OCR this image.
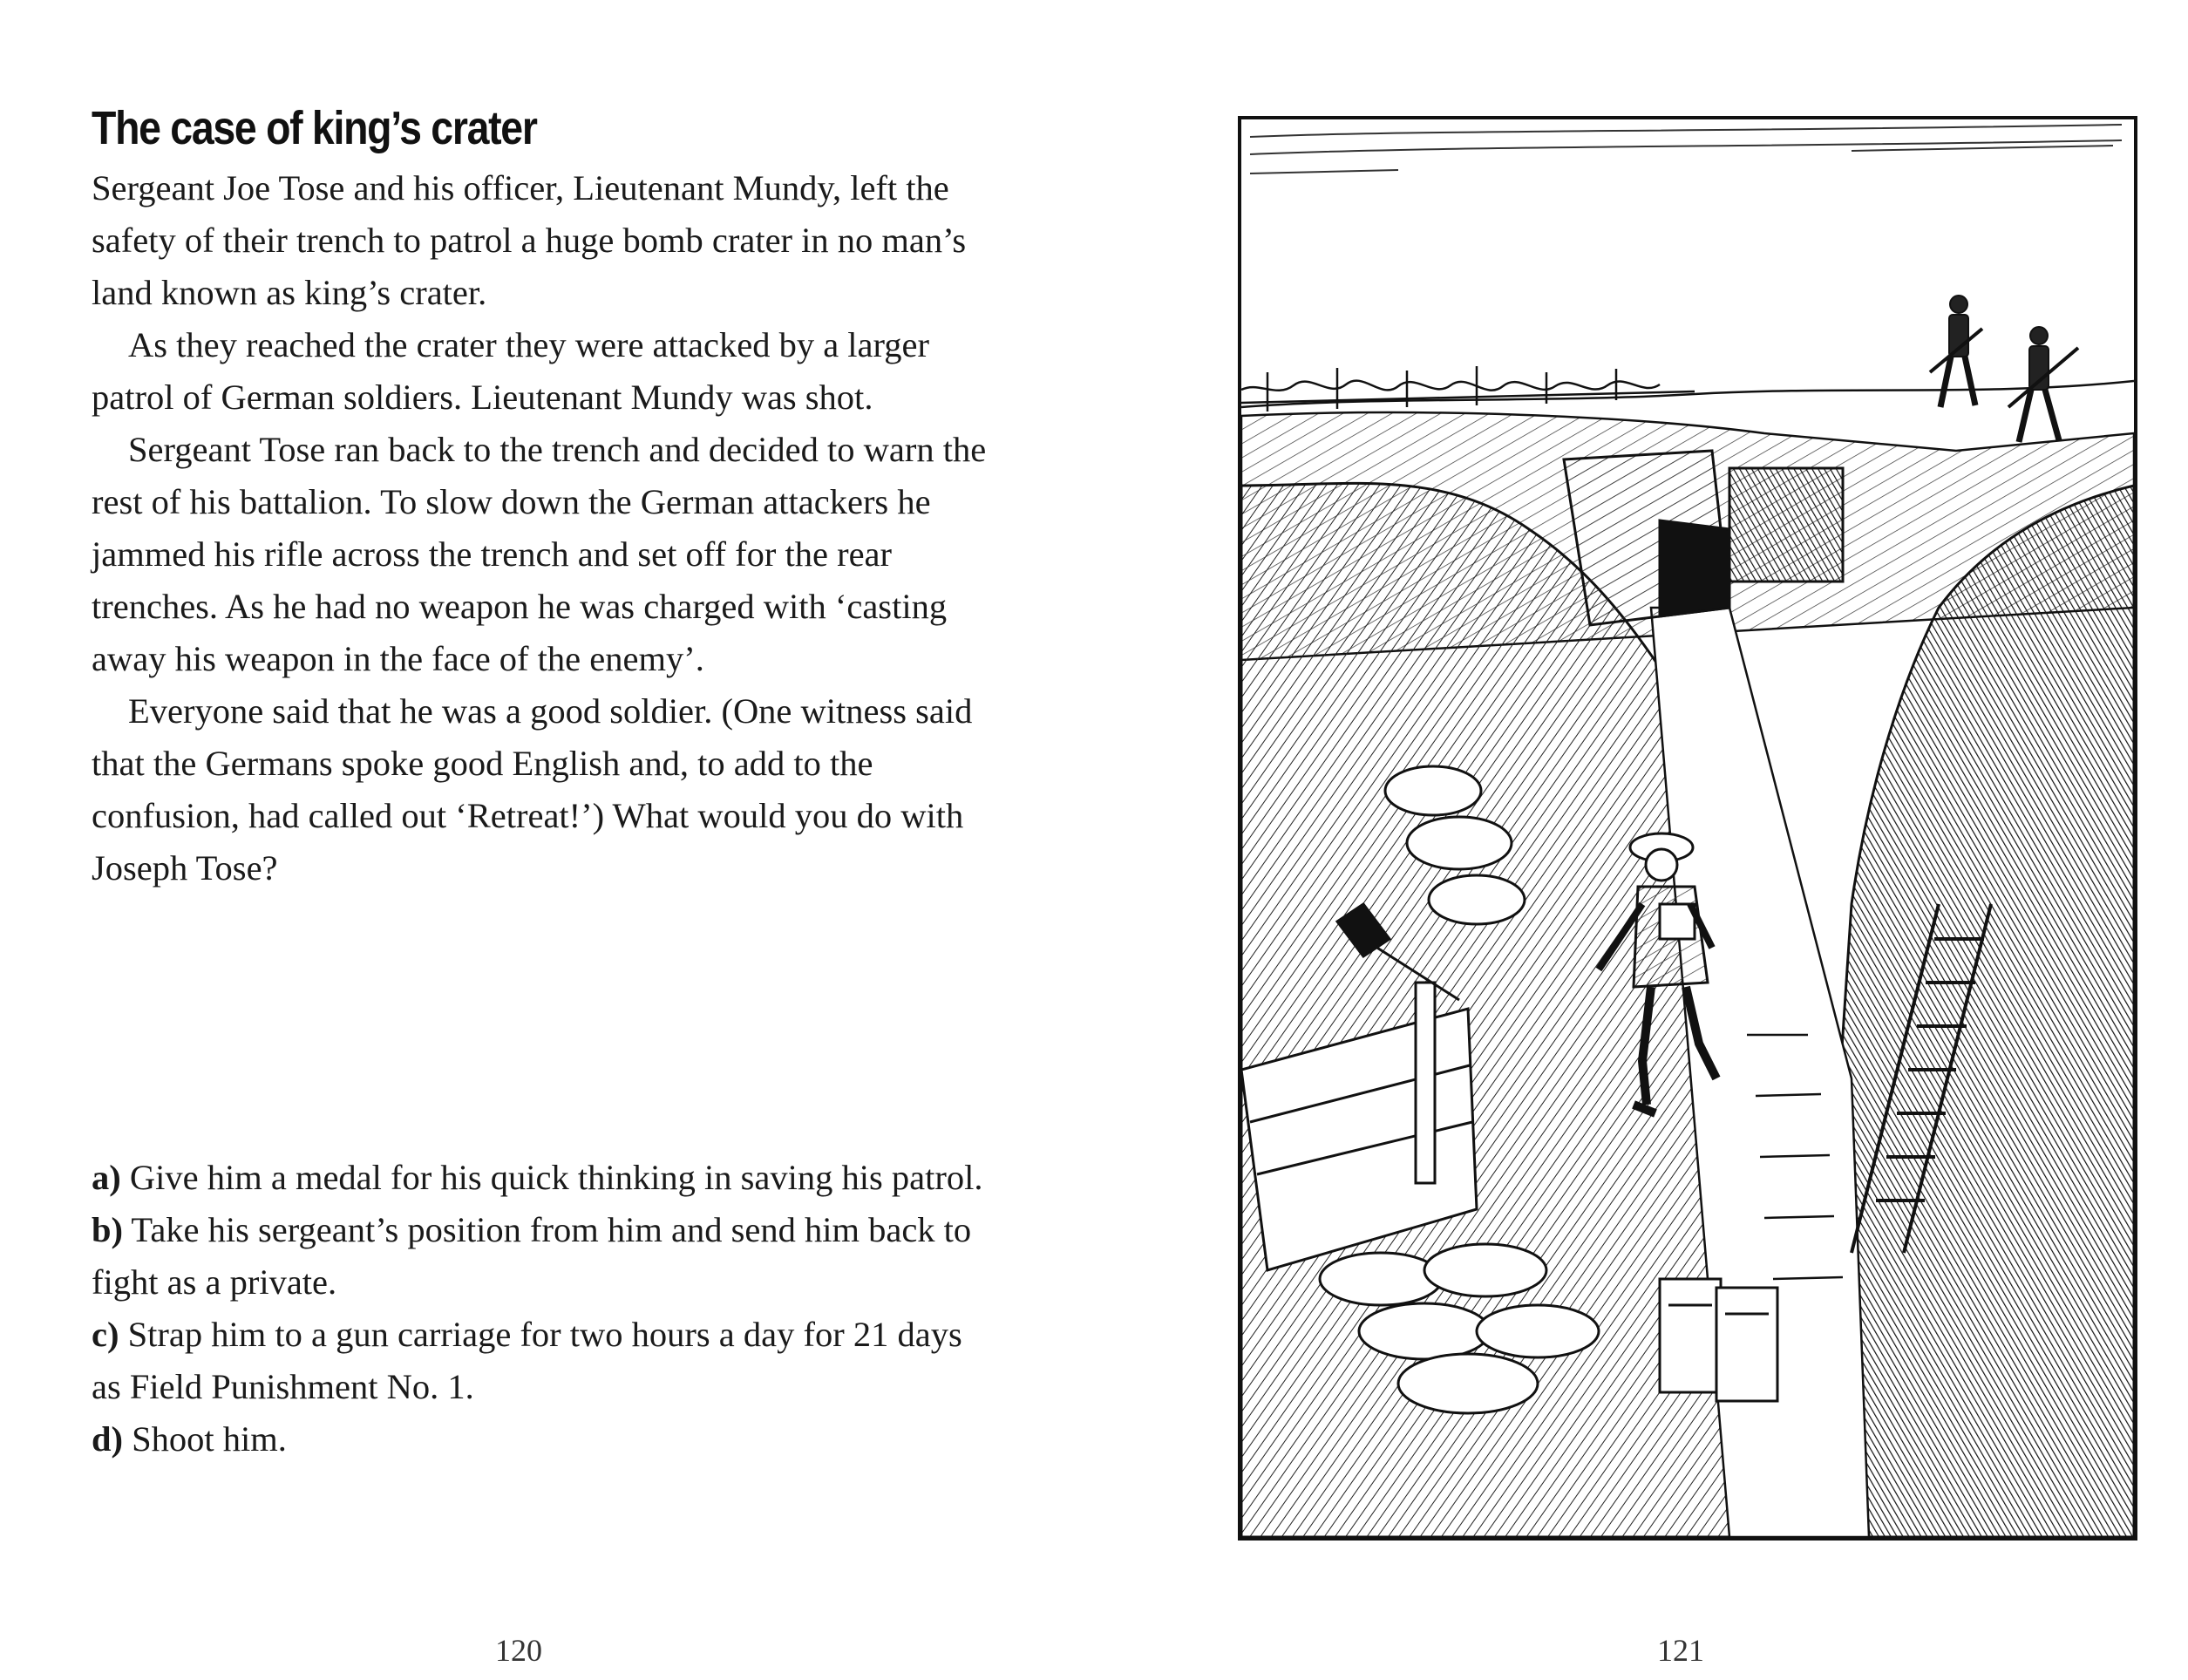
The case of king’s crater

Sergeant Joe Tose and his officer, Lieutenant Mundy, left the safety of their trench to patrol a huge bomb crater in no man’s land known as king’s crater.

As they reached the crater they were attacked by a larger patrol of German soldiers. Lieutenant Mundy was shot.

Sergeant Tose ran back to the trench and decided to warn the rest of his battalion. To slow down the German attackers he jammed his rifle across the trench and set off for the rear trenches. As he had no weapon he was charged with ‘casting away his weapon in the face of the enemy’.

Everyone said that he was a good soldier. (One witness said that the Germans spoke good English and, to add to the confusion, had called out ‘Retreat!’) What would you do with Joseph Tose?

a) Give him a medal for his quick thinking in saving his patrol.

b) Take his sergeant’s position from him and send him back to fight as a private.

c) Strap him to a gun carriage for two hours a day for 21 days as Field Punishment No. 1.

d) Shoot him.

120	121
